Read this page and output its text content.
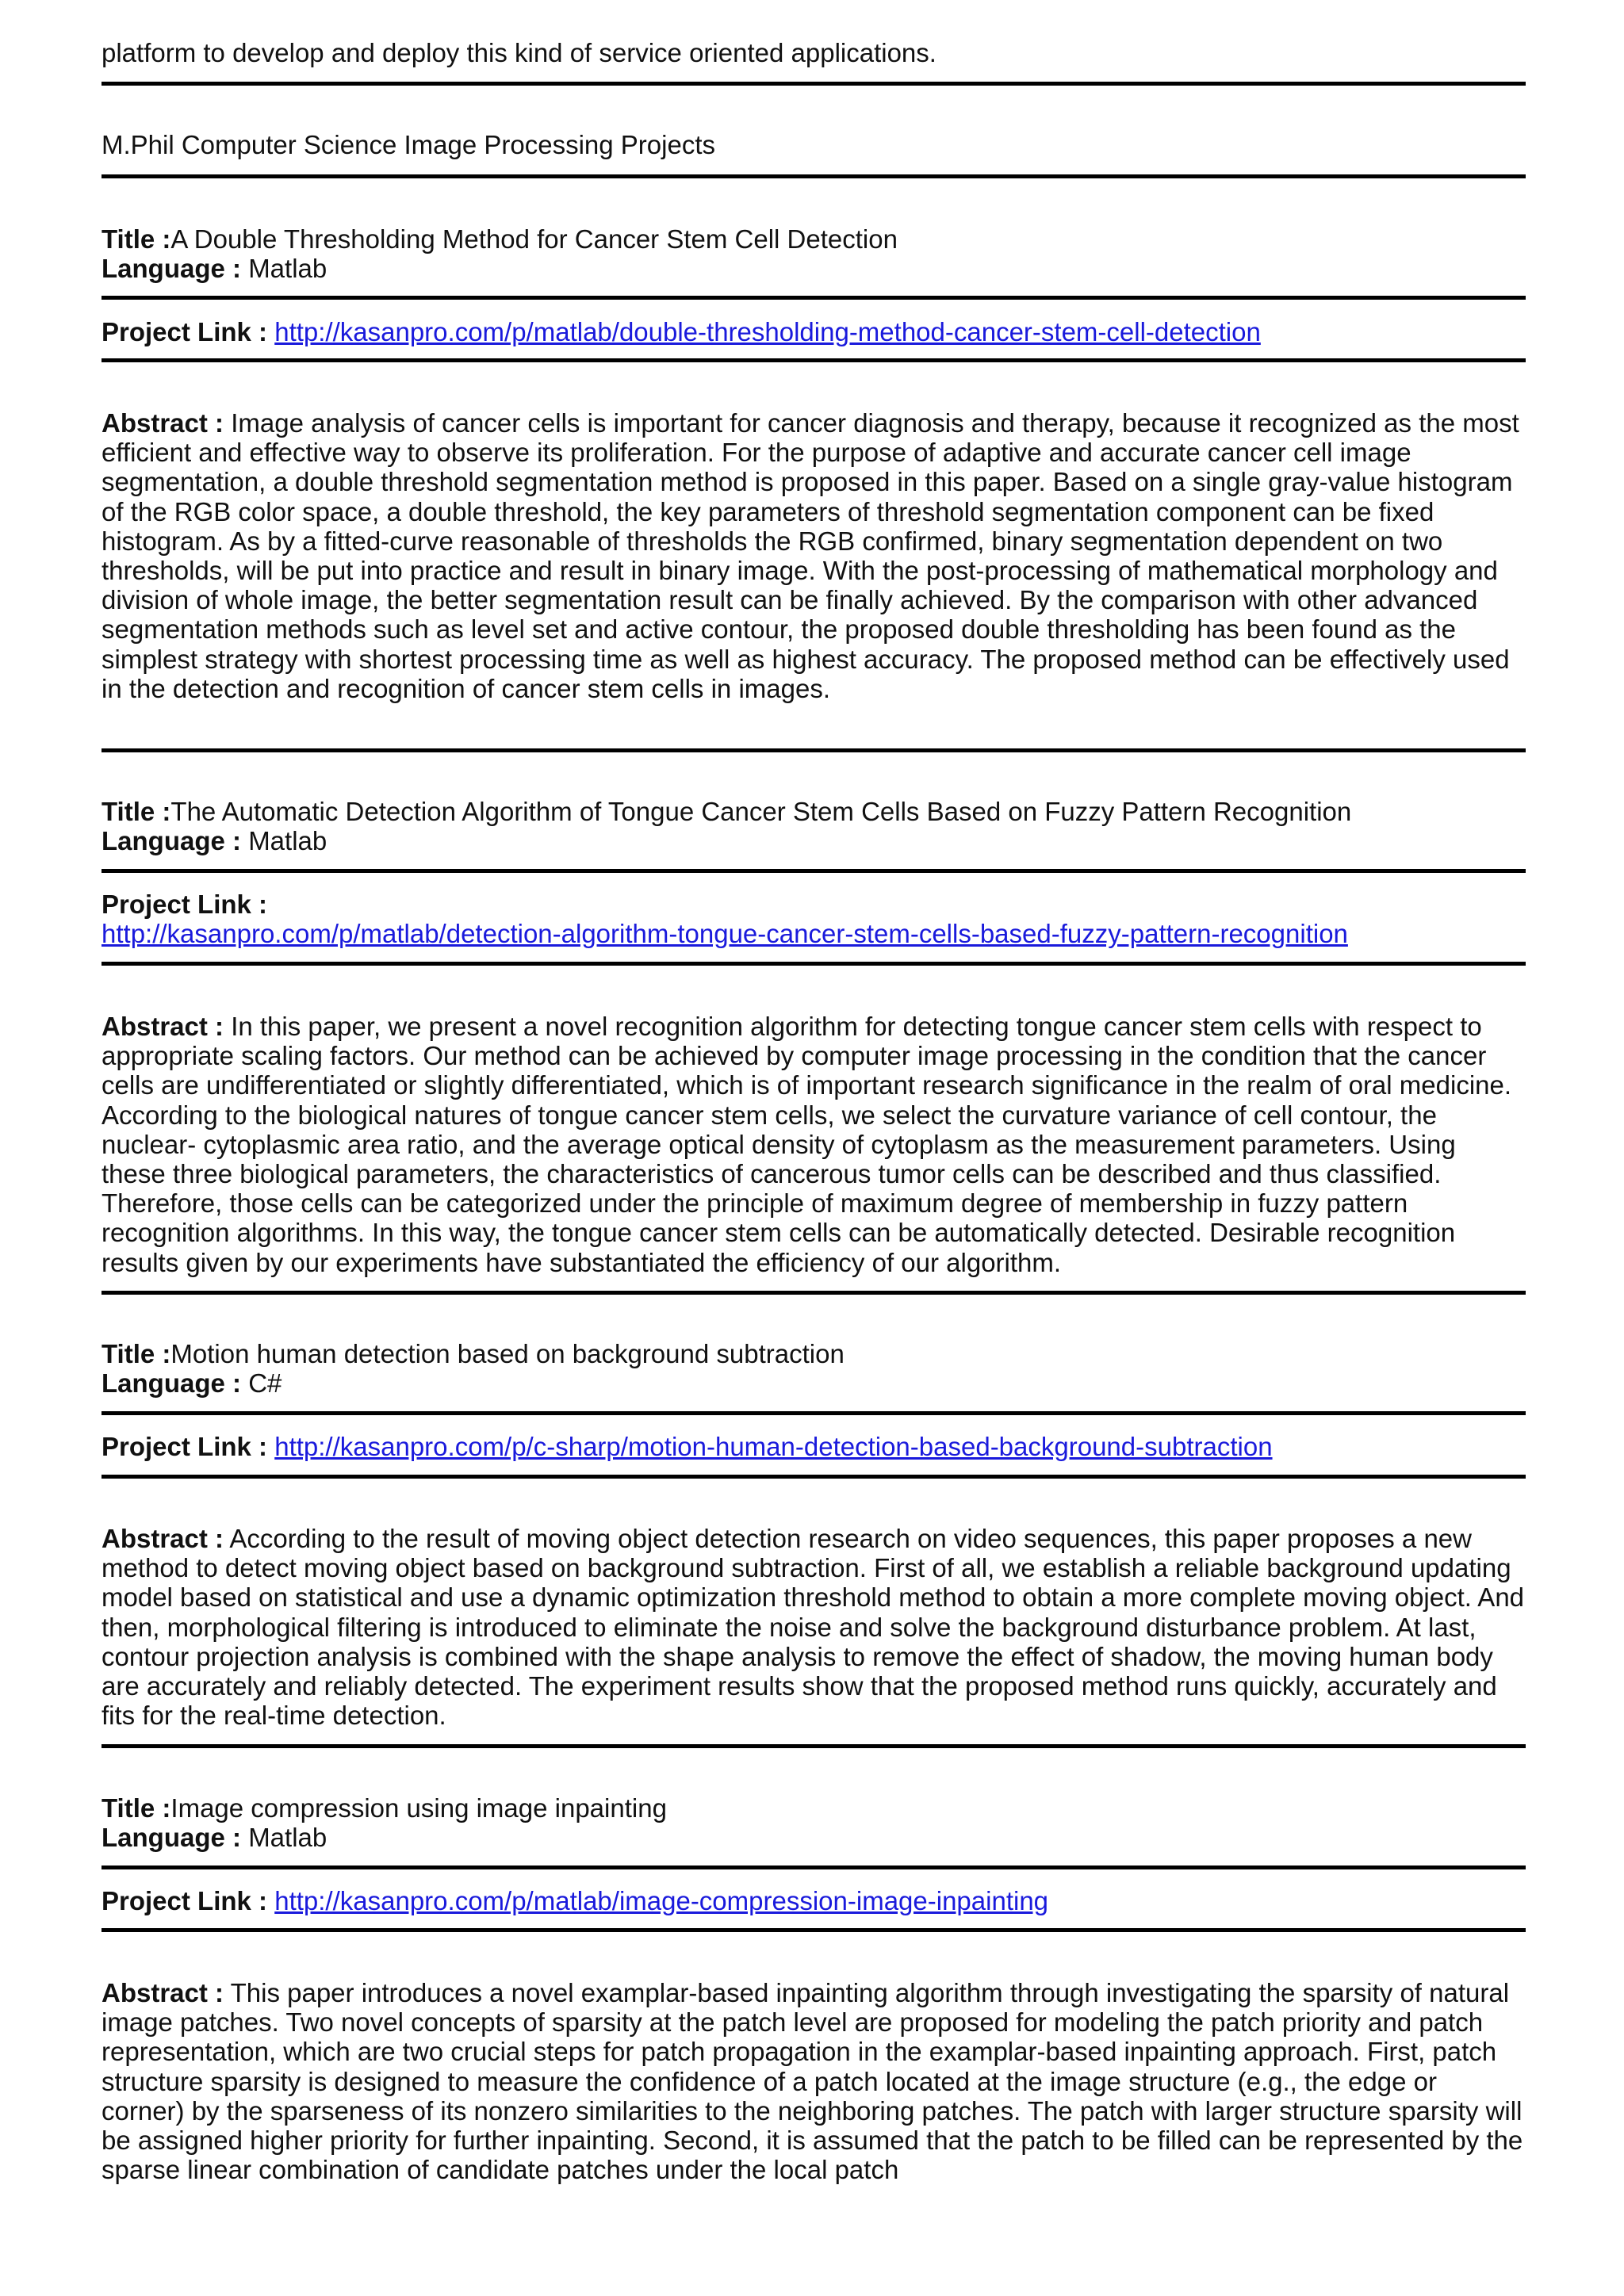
platform to develop and deploy this kind of service oriented applications.

M.Phil Computer Science Image Processing Projects

Title :A Double Thresholding Method for Cancer Stem Cell Detection

Language : Matlab

Project Link : http://kasanpro.com/p/matlab/double-thresholding-method-cancer-stem-cell-detection

Abstract : Image analysis of cancer cells is important for cancer diagnosis and therapy, because it recognized as the most efficient and effective way to observe its proliferation. For the purpose of adaptive and accurate cancer cell image segmentation, a double threshold segmentation method is proposed in this paper. Based on a single gray-value histogram of the RGB color space, a double threshold, the key parameters of threshold segmentation component can be fixed histogram. As by a fitted-curve reasonable of thresholds the RGB confirmed, binary segmentation dependent on two thresholds, will be put into practice and result in binary image. With the post-processing of mathematical morphology and division of whole image, the better segmentation result can be finally achieved. By the comparison with other advanced segmentation methods such as level set and active contour, the proposed double thresholding has been found as the simplest strategy with shortest processing time as well as highest accuracy. The proposed method can be effectively used in the detection and recognition of cancer stem cells in images.

Title :The Automatic Detection Algorithm of Tongue Cancer Stem Cells Based on Fuzzy Pattern Recognition

Language : Matlab

Project Link :

http://kasanpro.com/p/matlab/detection-algorithm-tongue-cancer-stem-cells-based-fuzzy-pattern-recognition

Abstract : In this paper, we present a novel recognition algorithm for detecting tongue cancer stem cells with respect to appropriate scaling factors. Our method can be achieved by computer image processing in the condition that the cancer cells are undifferentiated or slightly differentiated, which is of important research significance in the realm of oral medicine. According to the biological natures of tongue cancer stem cells, we select the curvature variance of cell contour, the nuclear- cytoplasmic area ratio, and the average optical density of cytoplasm as the measurement parameters. Using these three biological parameters, the characteristics of cancerous tumor cells can be described and thus classified. Therefore, those cells can be categorized under the principle of maximum degree of membership in fuzzy pattern recognition algorithms. In this way, the tongue cancer stem cells can be automatically detected. Desirable recognition results given by our experiments have substantiated the efficiency of our algorithm.

Title :Motion human detection based on background subtraction

Language : C#

Project Link : http://kasanpro.com/p/c-sharp/motion-human-detection-based-background-subtraction

Abstract : According to the result of moving object detection research on video sequences, this paper proposes a new method to detect moving object based on background subtraction. First of all, we establish a reliable background updating model based on statistical and use a dynamic optimization threshold method to obtain a more complete moving object. And then, morphological filtering is introduced to eliminate the noise and solve the background disturbance problem. At last, contour projection analysis is combined with the shape analysis to remove the effect of shadow, the moving human body are accurately and reliably detected. The experiment results show that the proposed method runs quickly, accurately and fits for the real-time detection.

Title :Image compression using image inpainting

Language : Matlab

Project Link : http://kasanpro.com/p/matlab/image-compression-image-inpainting

Abstract : This paper introduces a novel examplar-based inpainting algorithm through investigating the sparsity of natural image patches. Two novel concepts of sparsity at the patch level are proposed for modeling the patch priority and patch representation, which are two crucial steps for patch propagation in the examplar-based inpainting approach. First, patch structure sparsity is designed to measure the confidence of a patch located at the image structure (e.g., the edge or corner) by the sparseness of its nonzero similarities to the neighboring patches. The patch with larger structure sparsity will be assigned higher priority for further inpainting. Second, it is assumed that the patch to be filled can be represented by the sparse linear combination of candidate patches under the local patch
